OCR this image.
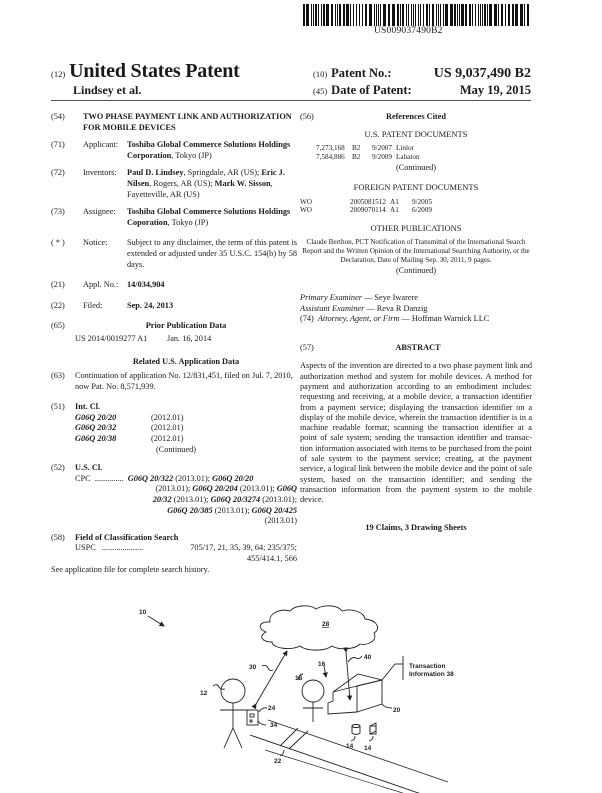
US009037490B2
(12) United States Patent
Lindsey et al.
(10) Patent No.:	US 9,037,490 B2
(45) Date of Patent:	May 19, 2015
(54)	TWO PHASE PAYMENT LINK AND AUTHORIZATION FOR MOBILE DEVICES
(71)	Applicant:	Toshiba Global Commerce Solutions Holdings Corporation, Tokyo (JP)
(72)	Inventors:	Paul D. Lindsey, Springdale, AR (US); Eric J. Nilsen, Rogers, AR (US); Mark W. Sisson, Fayetteville, AR (US)
(73)	Assignee:	Toshiba Global Commerce Solutions Holdings Coporation, Tokyo (JP)
( * )	Notice:	Subject to any disclaimer, the term of this patent is extended or adjusted under 35 U.S.C. 154(b) by 58 days.
(21)	Appl. No.:	14/034,904
(22)	Filed:	Sep. 24, 2013
(65)	Prior Publication Data
US 2014/0019277 A1	Jan. 16, 2014
Related U.S. Application Data
(63)	Continuation of application No. 12/831,451, filed on Jul. 7, 2010, now Pat. No. 8,571,939.
(51)	Int. Cl.
G06Q 20/20	(2012.01)
G06Q 20/32	(2012.01)
G06Q 20/38	(2012.01)
(Continued)
(52)	U.S. Cl.
CPC .............. G06Q 20/322 (2013.01); G06Q 20/20
(2013.01); G06Q 20/204 (2013.01); G06Q
20/32 (2013.01); G06Q 20/3274 (2013.01);
G06Q 20/385 (2013.01); G06Q 20/425
(2013.01)
(58)	Field of Classification Search
USPC ....................	705/17, 21, 35, 39, 64; 235/375;
455/414.1, 566
See application file for complete search history.
(56)	References Cited
U.S. PATENT DOCUMENTS
7,273,168	B2	9/2007 Linlor
7,584,886	B2	9/2009 Labaton
(Continued)
FOREIGN PATENT DOCUMENTS
WO	2005081512 A1	9/2005
WO	2009070114 A1	6/2009
OTHER PUBLICATIONS
Claude Berthon, PCT Notification of Transmittal of the International Search Report and the Written Opinion of the International Searching Authority, or the Declaration, Date of Mailing Sep. 30, 2011, 9 pages.
(Continued)
Primary Examiner — Seye Iwarere
Assistant Examiner — Reva R Danzig
(74) Attorney, Agent, or Firm — Hoffman Warnick LLC
(57)	ABSTRACT
Aspects of the invention are directed to a two phase payment link and authorization method and system for mobile devices. A method for payment and authorization according to an embodiment includes: requesting and receiving, at a mobile device, a transaction identifier from a payment service; displaying the transaction identifier on a display of the mobile device, wherein the transaction identifier is in a machine readable format; scanning the transaction identifier at a point of sale system; sending the transaction identifier and transaction information associated with items to be purchased from the point of sale system to the payment service; creating, at the payment service, a logical link between the mobile device and the point of sale system, based on the transaction identifier; and sending the transaction information from the payment system to the mobile device.
19 Claims, 3 Drawing Sheets
10
28
30	16
40
18
12
24
34
20
22
14 14
Transaction
Information 38
